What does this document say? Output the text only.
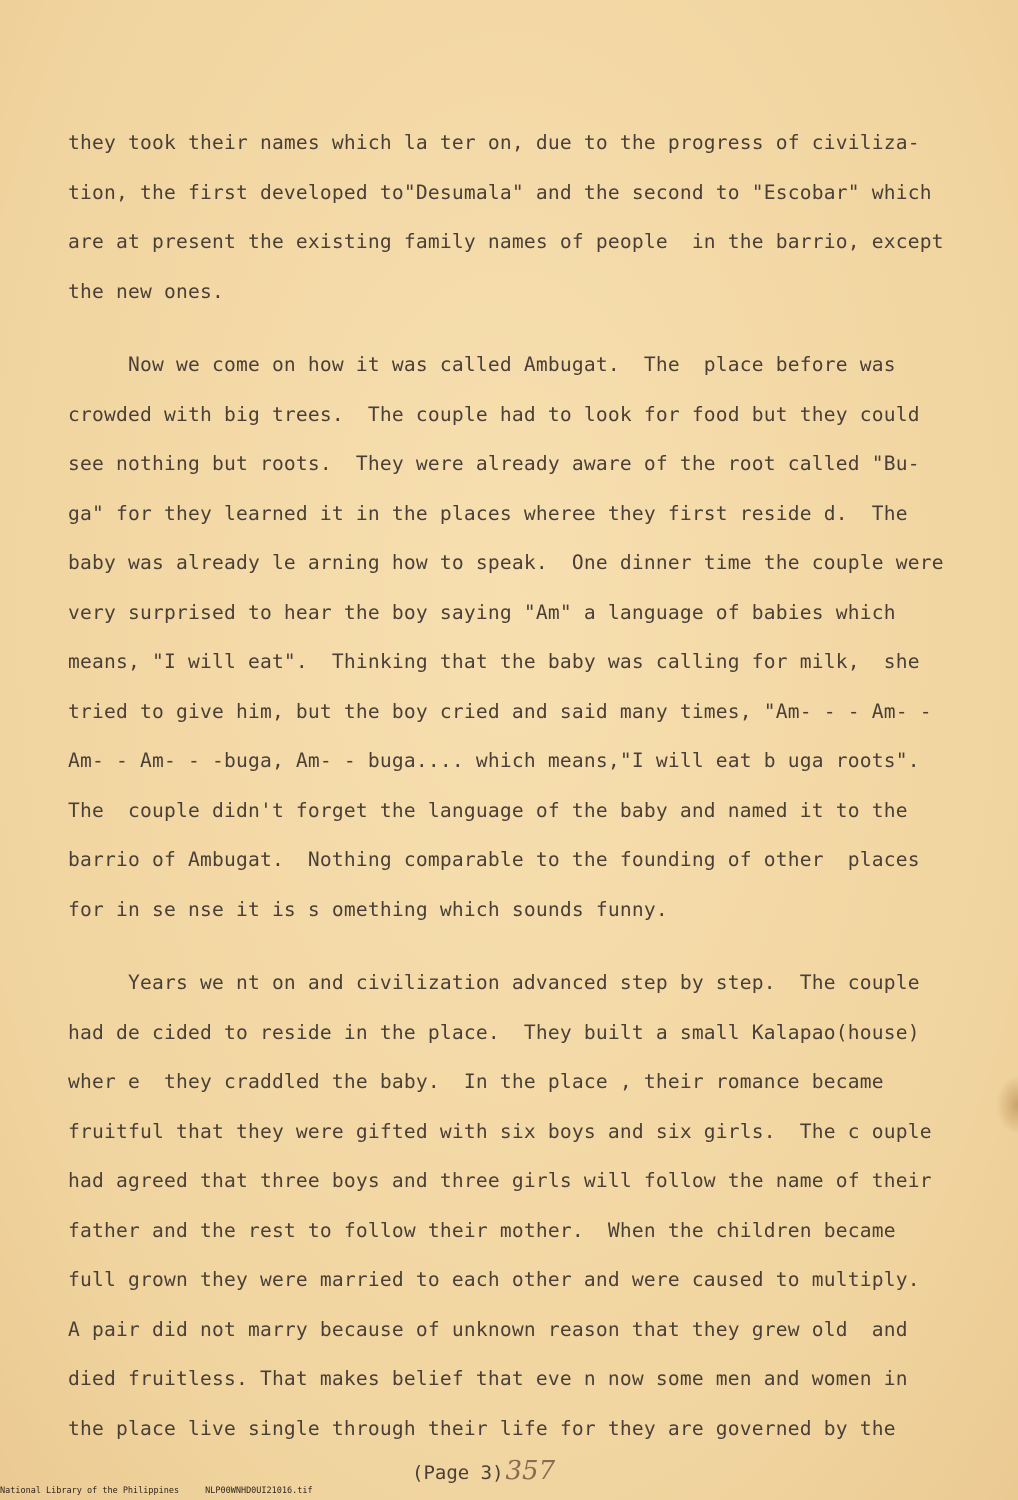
they took their names which la ter on, due to the progress of civiliza-
tion, the first developed to"Desumala" and the second to "Escobar" which
are at present the existing family names of people  in the barrio, except
the new ones.
Now we come on how it was called Ambugat.  The  place before was
crowded with big trees.  The couple had to look for food but they could
see nothing but roots.  They were already aware of the root called "Bu-
ga" for they learned it in the places wheree they first reside d.  The
baby was already le arning how to speak.  One dinner time the couple were
very surprised to hear the boy saying "Am" a language of babies which
means, "I will eat".  Thinking that the baby was calling for milk,  she
tried to give him, but the boy cried and said many times, "Am- - - Am- -
Am- - Am- - -buga, Am- - buga.... which means,"I will eat b uga roots".
The  couple didn't forget the language of the baby and named it to the
barrio of Ambugat.  Nothing comparable to the founding of other  places
for in se nse it is s omething which sounds funny.
Years we nt on and civilization advanced step by step.  The couple
had de cided to reside in the place.  They built a small Kalapao(house)
wher e  they craddled the baby.  In the place , their romance became
fruitful that they were gifted with six boys and six girls.  The c ouple
had agreed that three boys and three girls will follow the name of their
father and the rest to follow their mother.  When the children became
full grown they were married to each other and were caused to multiply.
A pair did not marry because of unknown reason that they grew old  and
died fruitless. That makes belief that eve n now some men and women in
the place live single through their life for they are governed by the
(Page 3)357
National Library of the Philippines	NLP00WNHD0UI21016.tif
